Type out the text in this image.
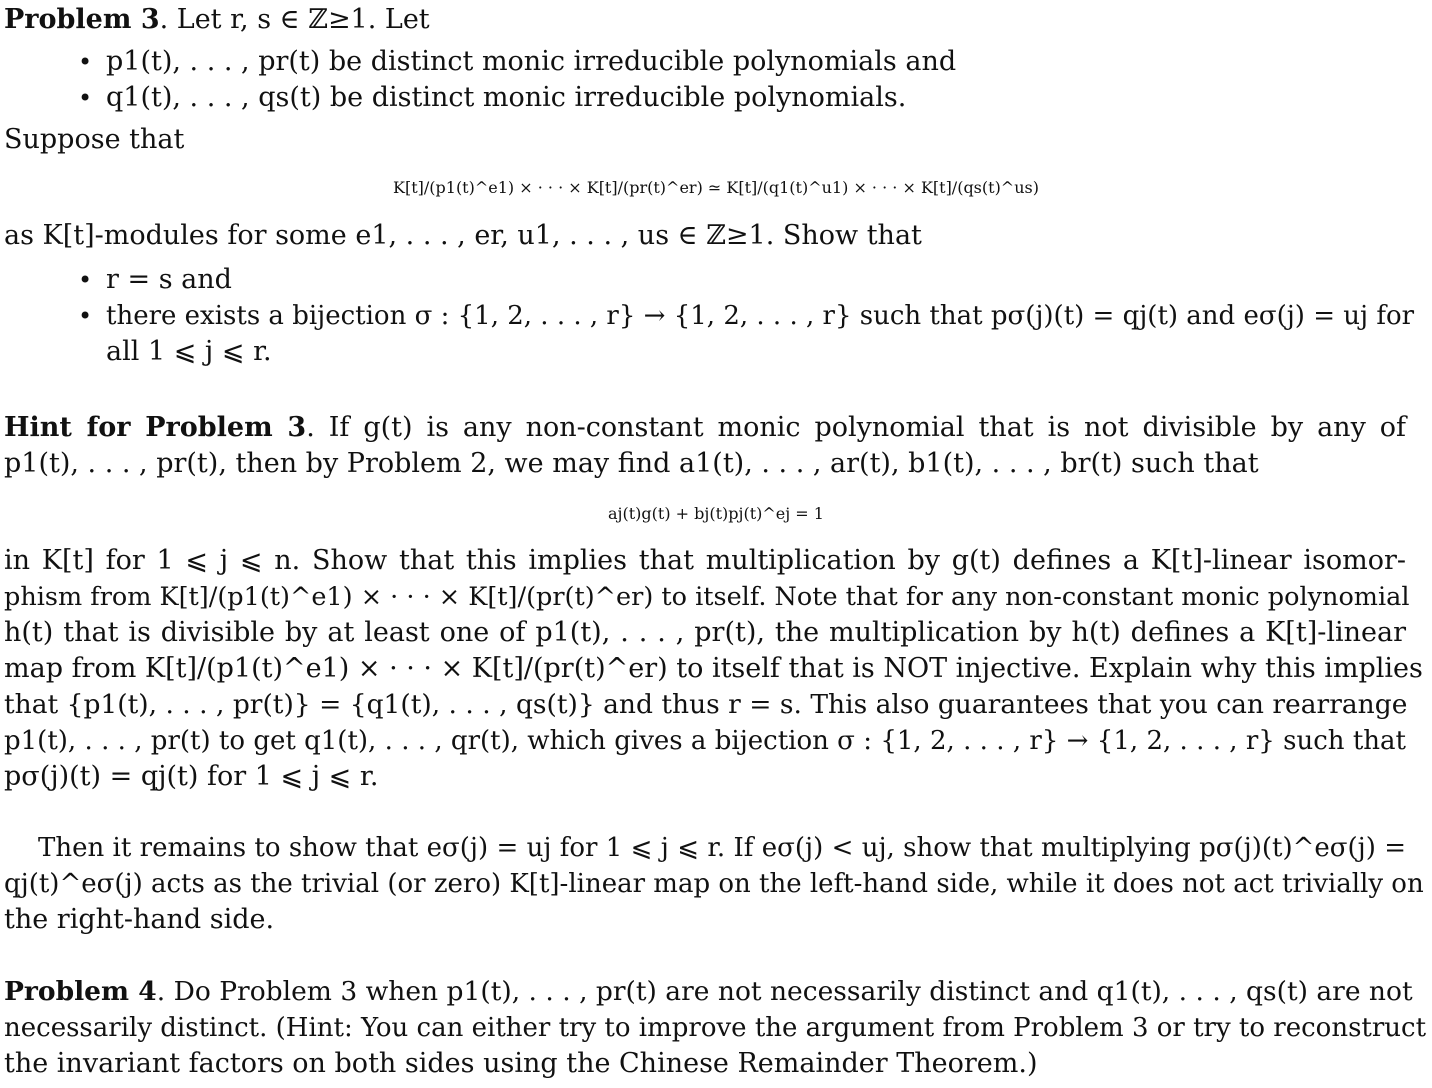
Problem 3. Let r, s ∈ ℤ≥1. Let
• p1(t), . . . , pr(t) be distinct monic irreducible polynomials and
• q1(t), . . . , qs(t) be distinct monic irreducible polynomials.
Suppose that
K[t]/(p1(t)^e1) × · · · × K[t]/(pr(t)^er) ≃ K[t]/(q1(t)^u1) × · · · × K[t]/(qs(t)^us)
as K[t]-modules for some e1, . . . , er, u1, . . . , us ∈ ℤ≥1. Show that
• r = s and
• there exists a bijection σ : {1, 2, . . . , r} → {1, 2, . . . , r} such that pσ(j)(t) = qj(t) and eσ(j) = uj for
all 1 ⩽ j ⩽ r.
Hint for Problem 3. If g(t) is any non-constant monic polynomial that is not divisible by any of
p1(t), . . . , pr(t), then by Problem 2, we may find a1(t), . . . , ar(t), b1(t), . . . , br(t) such that
aj(t)g(t) + bj(t)pj(t)^ej = 1
in K[t] for 1 ⩽ j ⩽ n. Show that this implies that multiplication by g(t) defines a K[t]-linear isomor-
phism from K[t]/(p1(t)^e1) × · · · × K[t]/(pr(t)^er) to itself. Note that for any non-constant monic polynomial
h(t) that is divisible by at least one of p1(t), . . . , pr(t), the multiplication by h(t) defines a K[t]-linear
map from K[t]/(p1(t)^e1) × · · · × K[t]/(pr(t)^er) to itself that is NOT injective. Explain why this implies
that {p1(t), . . . , pr(t)} = {q1(t), . . . , qs(t)} and thus r = s. This also guarantees that you can rearrange
p1(t), . . . , pr(t) to get q1(t), . . . , qr(t), which gives a bijection σ : {1, 2, . . . , r} → {1, 2, . . . , r} such that
pσ(j)(t) = qj(t) for 1 ⩽ j ⩽ r.
Then it remains to show that eσ(j) = uj for 1 ⩽ j ⩽ r. If eσ(j) < uj, show that multiplying pσ(j)(t)^eσ(j) =
qj(t)^eσ(j) acts as the trivial (or zero) K[t]-linear map on the left-hand side, while it does not act trivially on
the right-hand side.
Problem 4. Do Problem 3 when p1(t), . . . , pr(t) are not necessarily distinct and q1(t), . . . , qs(t) are not
necessarily distinct. (Hint: You can either try to improve the argument from Problem 3 or try to reconstruct
the invariant factors on both sides using the Chinese Remainder Theorem.)
